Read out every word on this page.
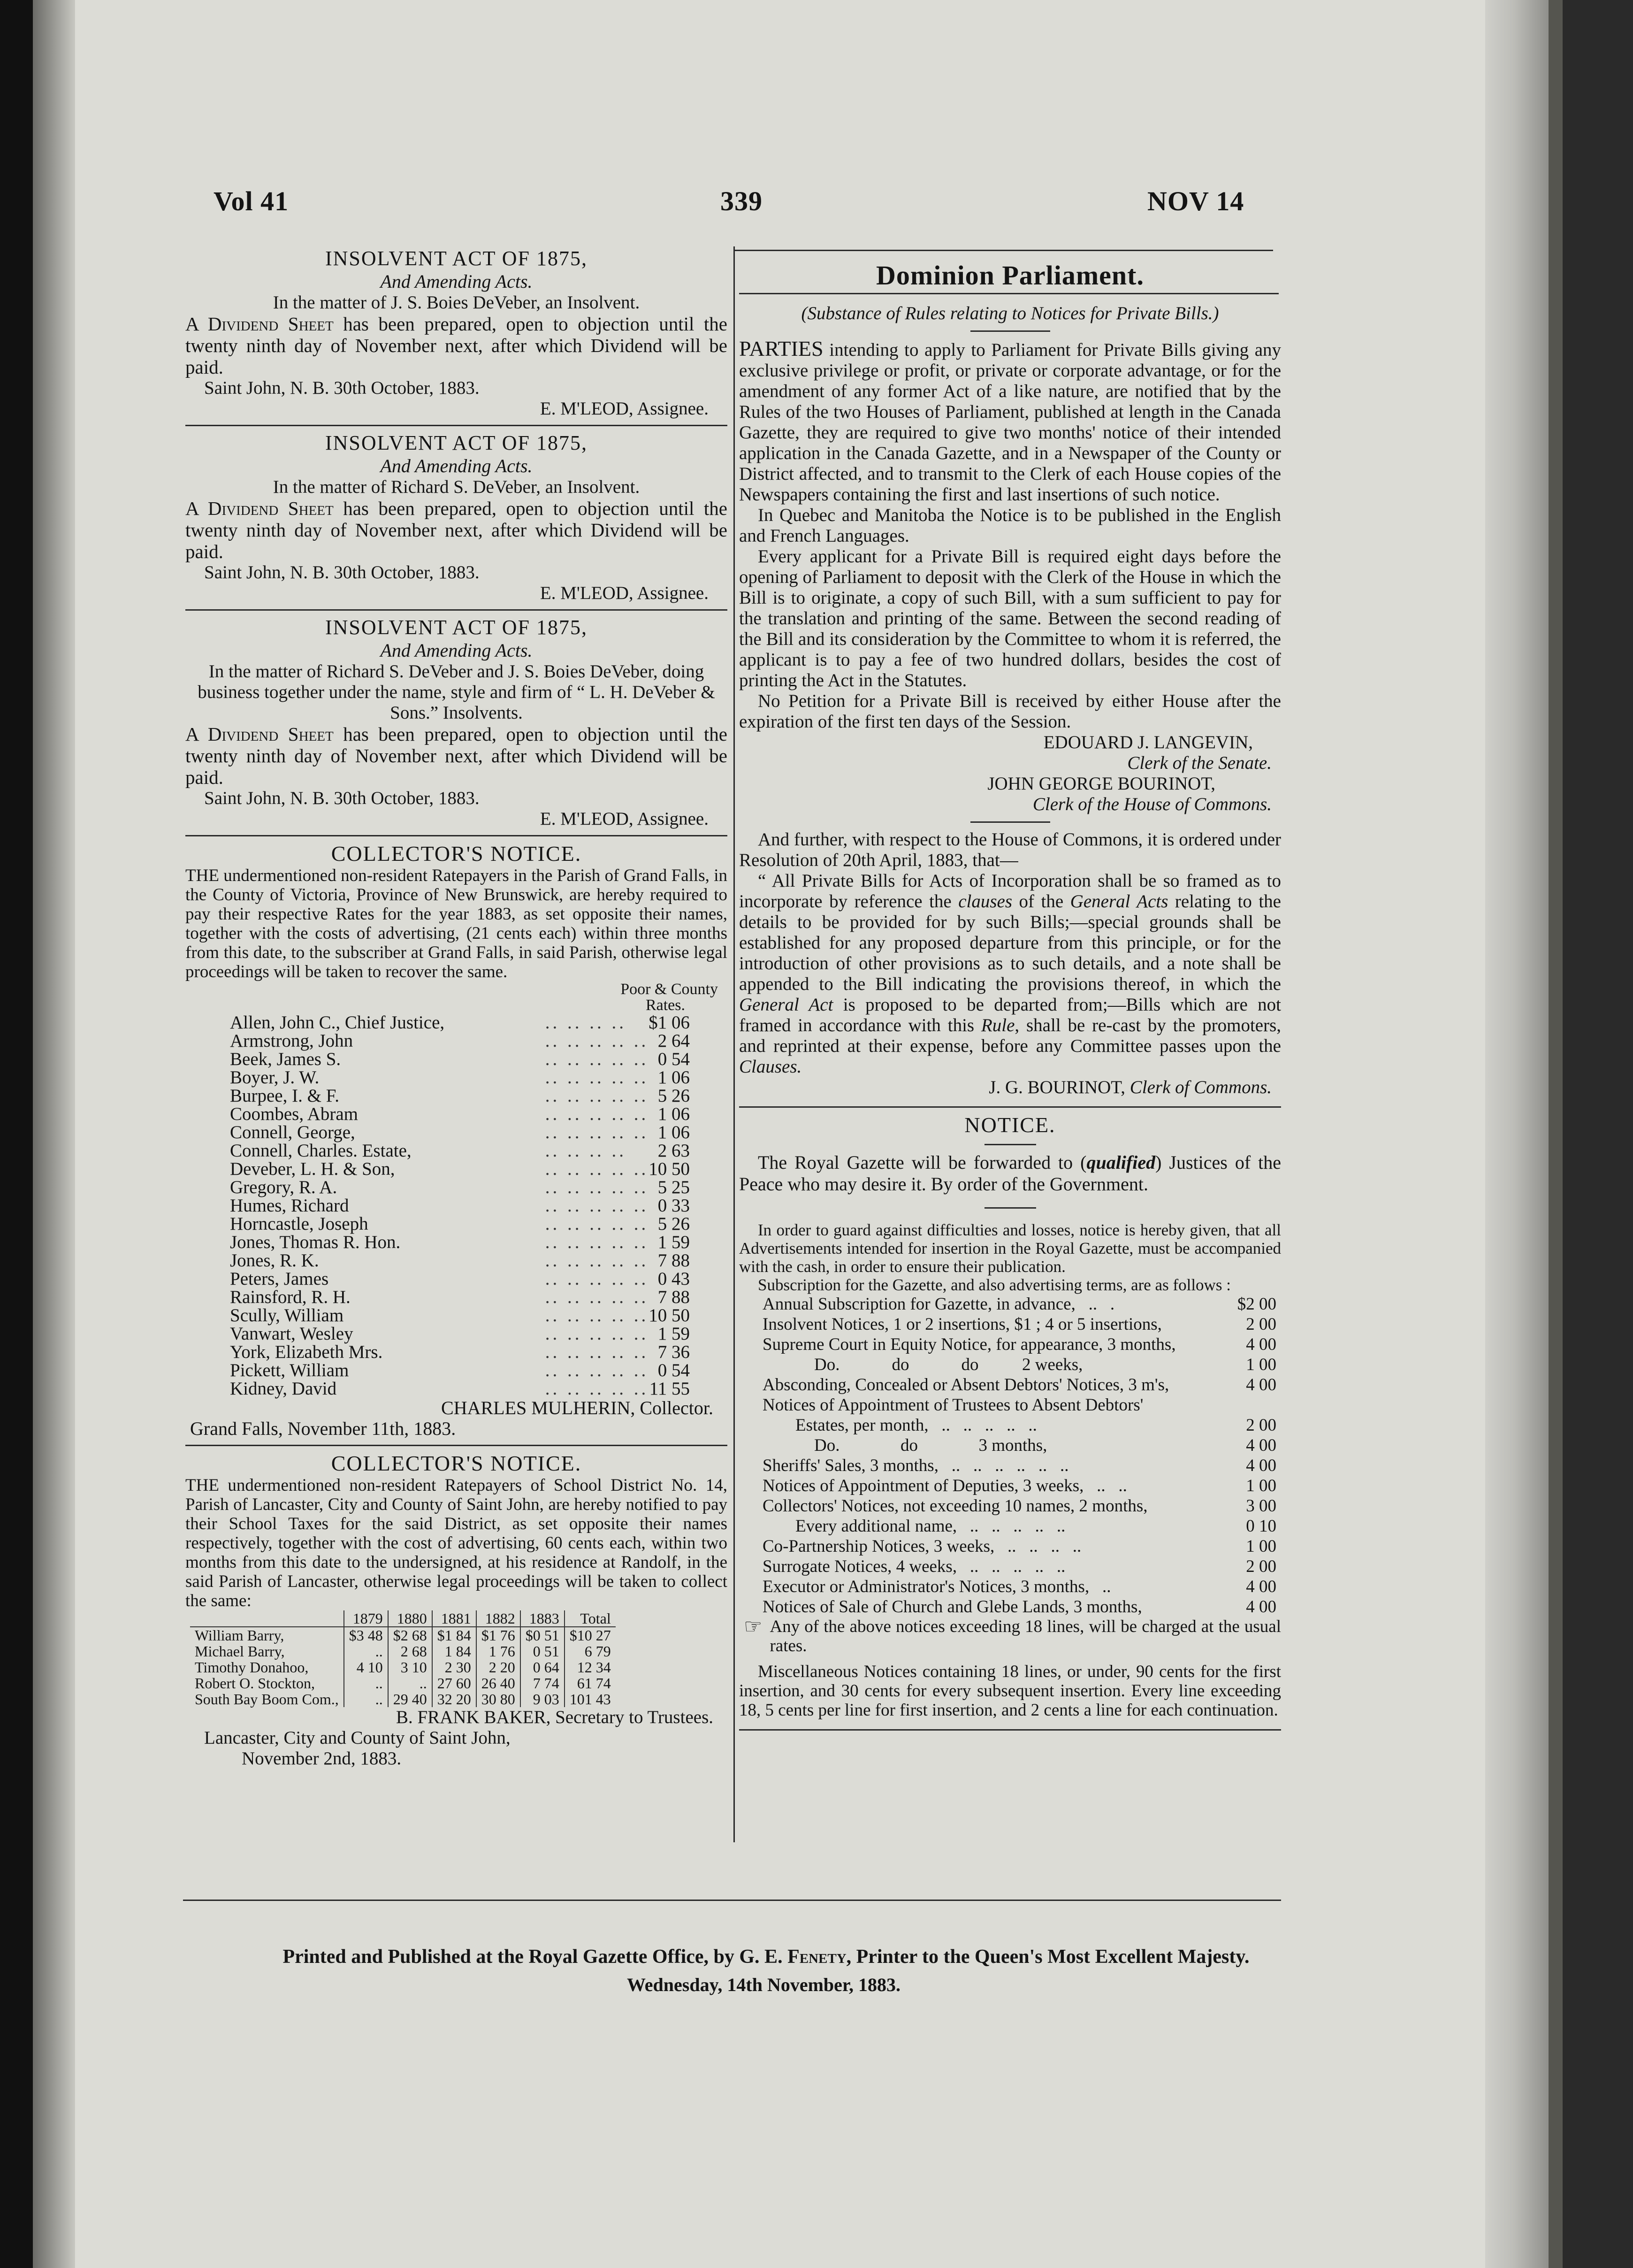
Vol 41	339	NOV 14
INSOLVENT ACT OF 1875,
And Amending Acts.
In the matter of J. S. Boies DeVeber, an Insolvent.
A Dividend Sheet has been prepared, open to objection until the twenty ninth day of November next, after which Dividend will be paid.
Saint John, N. B. 30th October, 1883.
E. M'LEOD, Assignee.
INSOLVENT ACT OF 1875,
And Amending Acts.
In the matter of Richard S. DeVeber, an Insolvent.
A Dividend Sheet has been prepared, open to objection until the twenty ninth day of November next, after which Dividend will be paid.
Saint John, N. B. 30th October, 1883.
E. M'LEOD, Assignee.
INSOLVENT ACT OF 1875,
And Amending Acts.
In the matter of Richard S. DeVeber and J. S. Boies DeVeber, doing business together under the name, style and firm of “ L. H. DeVeber & Sons.” Insolvents.
A Dividend Sheet has been prepared, open to objection until the twenty ninth day of November next, after which Dividend will be paid.
Saint John, N. B. 30th October, 1883.
E. M'LEOD, Assignee.
COLLECTOR'S NOTICE.
THE undermentioned non-resident Ratepayers in the Parish of Grand Falls, in the County of Victoria, Province of New Brunswick, are hereby required to pay their respective Rates for the year 1883, as set opposite their names, together with the costs of advertising, (21 cents each) within three months from this date, to the subscriber at Grand Falls, in said Parish, otherwise legal proceedings will be taken to recover the same.
Poor & County
Rates.
Allen, John C., Chief Justice,	.. .. .. ..	$1 06
Armstrong, John	.. .. .. .. ..	2 64
Beek, James S.	.. .. .. .. ..	0 54
Boyer, J. W.	.. .. .. .. ..	1 06
Burpee, I. & F.	.. .. .. .. ..	5 26
Coombes, Abram	.. .. .. .. ..	1 06
Connell, George,	.. .. .. .. ..	1 06
Connell, Charles. Estate,	.. .. .. ..	2 63
Deveber, L. H. & Son,	.. .. .. .. ..	10 50
Gregory, R. A.	.. .. .. .. ..	5 25
Humes, Richard	.. .. .. .. ..	0 33
Horncastle, Joseph	.. .. .. .. ..	5 26
Jones, Thomas R. Hon.	.. .. .. .. ..	1 59
Jones, R. K.	.. .. .. .. ..	7 88
Peters, James	.. .. .. .. ..	0 43
Rainsford, R. H.	.. .. .. .. ..	7 88
Scully, William	.. .. .. .. ..	10 50
Vanwart, Wesley	.. .. .. .. ..	1 59
York, Elizabeth Mrs.	.. .. .. .. ..	7 36
Pickett, William	.. .. .. .. ..	0 54
Kidney, David	.. .. .. .. ..	11 55
CHARLES MULHERIN, Collector.
Grand Falls, November 11th, 1883.
COLLECTOR'S NOTICE.
THE undermentioned non-resident Ratepayers of School District No. 14, Parish of Lancaster, City and County of Saint John, are hereby notified to pay their School Taxes for the said District, as set opposite their names respectively, together with the cost of advertising, 60 cents each, within two months from this date to the undersigned, at his residence at Randolf, in the said Parish of Lancaster, otherwise legal proceedings will be taken to collect the same:
	1879	1880	1881	1882	1883	Total
William Barry,	$3 48	$2 68	$1 84	$1 76	$0 51	$10 27
Michael Barry,	..	2 68	1 84	1 76	0 51	6 79
Timothy Donahoo,	4 10	3 10	2 30	2 20	0 64	12 34
Robert O. Stockton,	..	..	27 60	26 40	7 74	61 74
South Bay Boom Com.,	..	29 40	32 20	30 80	9 03	101 43
B. FRANK BAKER, Secretary to Trustees.
Lancaster, City and County of Saint John,
November 2nd, 1883.
Dominion Parliament.
(Substance of Rules relating to Notices for Private Bills.)
PARTIES intending to apply to Parliament for Private Bills giving any exclusive privilege or profit, or private or corporate advantage, or for the amendment of any former Act of a like nature, are notified that by the Rules of the two Houses of Parliament, published at length in the Canada Gazette, they are required to give two months' notice of their intended application in the Canada Gazette, and in a Newspaper of the County or District affected, and to transmit to the Clerk of each House copies of the Newspapers containing the first and last insertions of such notice.
In Quebec and Manitoba the Notice is to be published in the English and French Languages.
Every applicant for a Private Bill is required eight days before the opening of Parliament to deposit with the Clerk of the House in which the Bill is to originate, a copy of such Bill, with a sum sufficient to pay for the translation and printing of the same. Between the second reading of the Bill and its consideration by the Committee to whom it is referred, the applicant is to pay a fee of two hundred dollars, besides the cost of printing the Act in the Statutes.
No Petition for a Private Bill is received by either House after the expiration of the first ten days of the Session.
EDOUARD J. LANGEVIN,
Clerk of the Senate.
JOHN GEORGE BOURINOT,
Clerk of the House of Commons.
And further, with respect to the House of Commons, it is ordered under Resolution of 20th April, 1883, that—
“ All Private Bills for Acts of Incorporation shall be so framed as to incorporate by reference the clauses of the General Acts relating to the details to be provided for by such Bills;—special grounds shall be established for any proposed departure from this principle, or for the introduction of other provisions as to such details, and a note shall be appended to the Bill indicating the provisions thereof, in which the General Act is proposed to be departed from;—Bills which are not framed in accordance with this Rule, shall be re-cast by the promoters, and reprinted at their expense, before any Committee passes upon the Clauses.
J. G. BOURINOT, Clerk of Commons.
NOTICE.
The Royal Gazette will be forwarded to (qualified) Justices of the Peace who may desire it. By order of the Government.
In order to guard against difficulties and losses, notice is hereby given, that all Advertisements intended for insertion in the Royal Gazette, must be accompanied with the cash, in order to ensure their publication.
Subscription for the Gazette, and also advertising terms, are as follows :
Annual Subscription for Gazette, in advance,   ..   .	$2 00
Insolvent Notices, 1 or 2 insertions, $1 ; 4 or 5 insertions,	2 00
Supreme Court in Equity Notice, for appearance, 3 months,	4 00
Do.            do            do          2 weeks,	1 00
Absconding, Concealed or Absent Debtors' Notices, 3 m's,	4 00
Notices of Appointment of Trustees to Absent Debtors'	
Estates, per month,   ..   ..   ..   ..   ..	2 00
Do.              do              3 months,	4 00
Sheriffs' Sales, 3 months,   ..   ..   ..   ..   ..   ..	4 00
Notices of Appointment of Deputies, 3 weeks,   ..   ..	1 00
Collectors' Notices, not exceeding 10 names, 2 months,	3 00
Every additional name,   ..   ..   ..   ..   ..	0 10
Co-Partnership Notices, 3 weeks,   ..   ..   ..   ..	1 00
Surrogate Notices, 4 weeks,   ..   ..   ..   ..   ..	2 00
Executor or Administrator's Notices, 3 months,   ..	4 00
Notices of Sale of Church and Glebe Lands, 3 months,	4 00
☞ Any of the above notices exceeding 18 lines, will be charged at the usual rates.
Miscellaneous Notices containing 18 lines, or under, 90 cents for the first insertion, and 30 cents for every subsequent insertion. Every line exceeding 18, 5 cents per line for first insertion, and 2 cents a line for each continuation.
Printed and Published at the Royal Gazette Office, by G. E. Fenety, Printer to the Queen's Most Excellent Majesty.
Wednesday, 14th November, 1883.
